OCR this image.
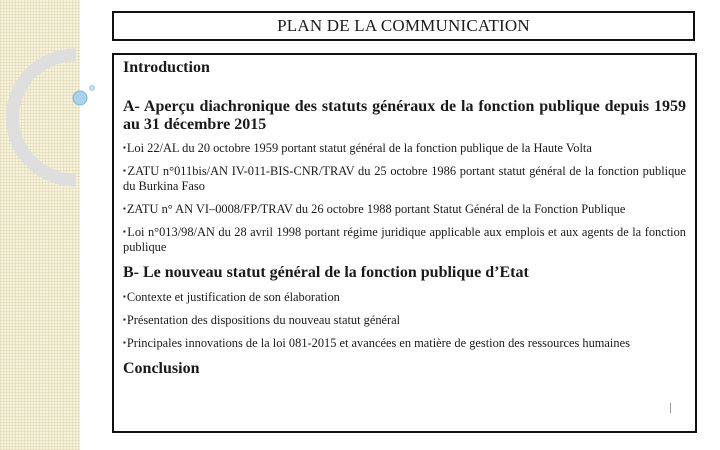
PLAN DE LA COMMUNICATION
Introduction
A- Aperçu diachronique des statuts généraux de la fonction publique depuis 1959 au 31 décembre 2015
▪Loi 22/AL du 20 octobre 1959 portant statut général de la fonction publique de la Haute Volta
▪ZATU n°011bis/AN IV-011-BIS-CNR/TRAV du 25 octobre 1986 portant statut général de la fonction publique du Burkina Faso
▪ZATU n° AN VI–0008/FP/TRAV du 26 octobre 1988 portant Statut Général de la Fonction Publique
▪Loi n°013/98/AN du 28 avril 1998 portant régime juridique applicable aux emplois et aux agents de la fonction publique
B- Le nouveau statut général de la fonction publique d’Etat
▪Contexte et justification de son élaboration
▪Présentation des dispositions du nouveau statut général
▪Principales innovations de la loi 081-2015 et avancées en matière de gestion des ressources humaines
Conclusion
